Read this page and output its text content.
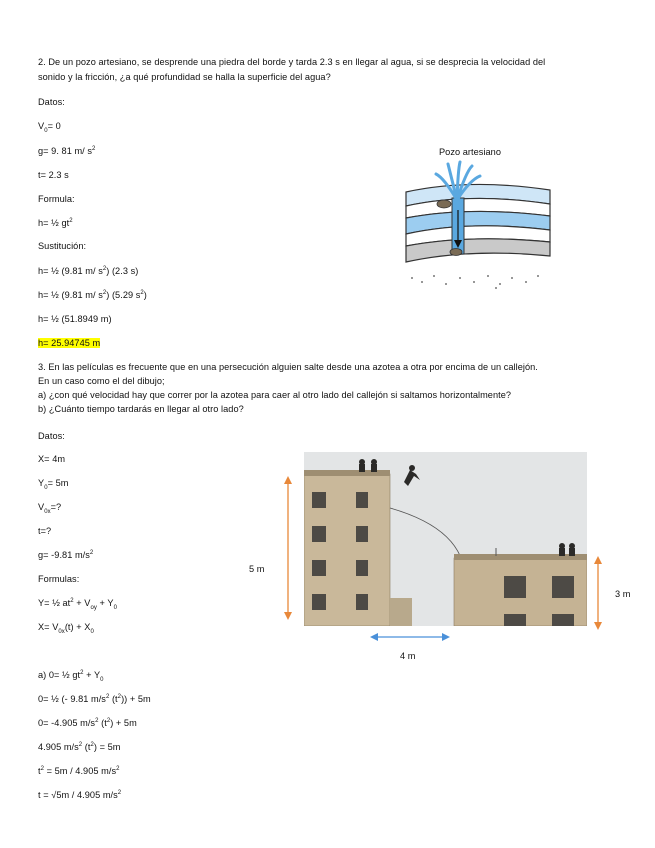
2. De un pozo artesiano, se desprende una piedra del borde y tarda 2.3 s en llegar al agua, si se desprecia la velocidad del
sonido y la fricción, ¿a qué profundidad se halla la superficie del agua?
Datos:
$V_0= 0$
g= 9. 81 m/ $s^2$
t= 2.3 s
Formula:
h= ½ $gt^2$
Sustitución:
h= ½ (9.81 m/ $s^2$) (2.3 s)
h= ½ (9.81 m/ $s^2$) (5.29 $s^2$)
h= ½ (51.8949 m)
h= 25.94745 m
Pozo artesiano
3. En las películas es frecuente que en una persecución alguien salte desde una azotea a otra por encima de un callejón.
En un caso como el del dibujo;
a) ¿con qué velocidad hay que correr por la azotea para caer al otro lado del callejón si saltamos horizontalmente?
b) ¿Cuánto tiempo tardarás en llegar al otro lado?
Datos:
X= 4m
$Y_0= 5m$
$V_{0x}=$?
t=?
g= -9.81 $m/s^2$
Formulas:
Y= ½ $at^2 + V_{oy} + Y_0$
$X= V_{0x}(t) + X_0$
5 m
3 m
4 m
a) 0= ½ $gt^2 + Y_0$
0= ½ (- 9.81 $m/s^2$ $(t^2)) + 5m$
0= -4.905 $m/s^2$ $(t^2) + 5m$
4.905 $m/s^2$ $(t^2) = 5m$
$t^2 = 5m / 4.905$ $m/s^2$
t = √5m / 4.905 $m/s^2$
